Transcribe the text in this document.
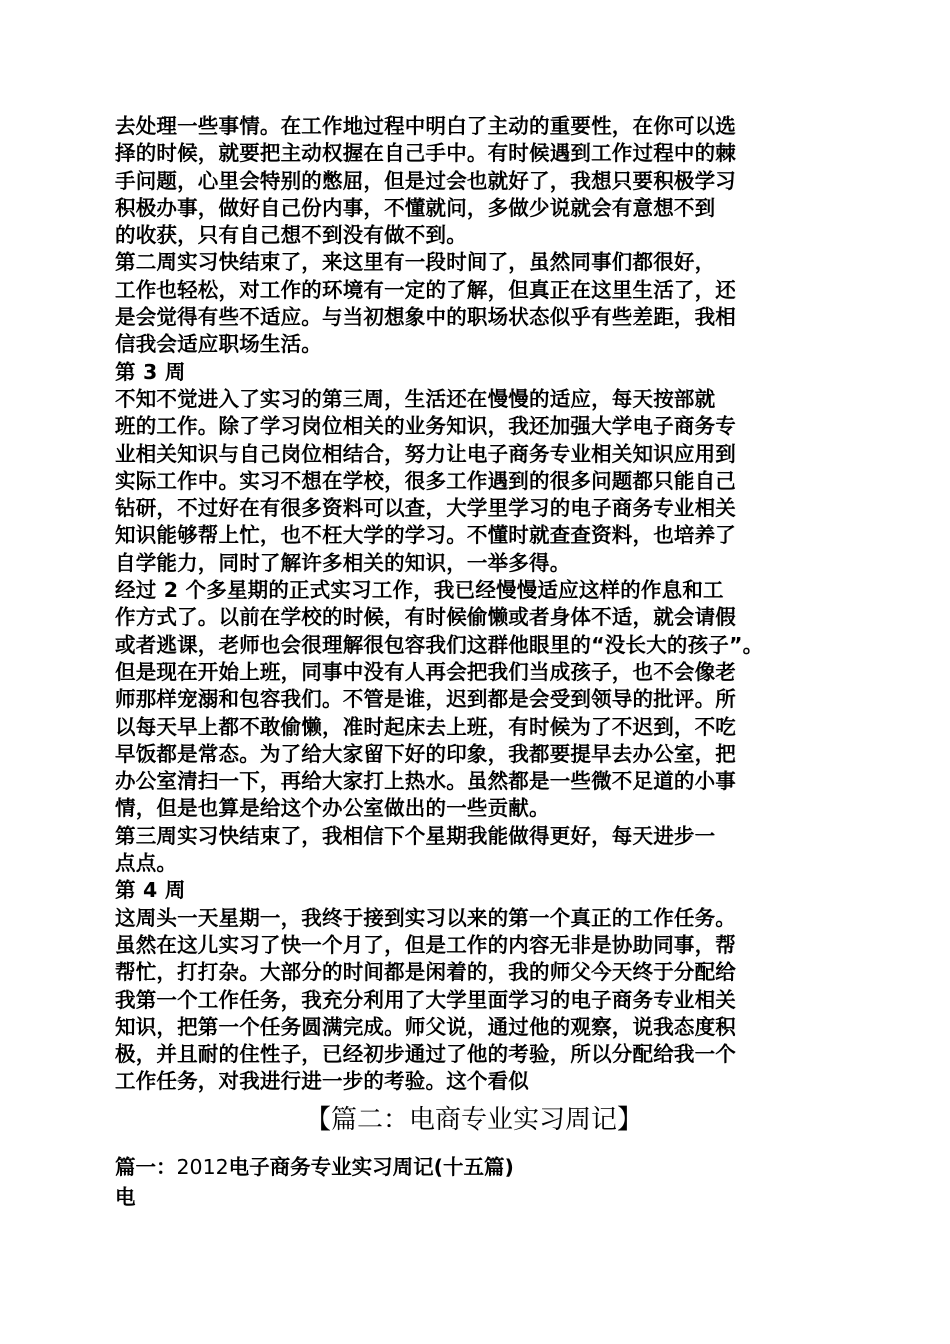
去处理一些事情。在工作地过程中明白了主动的重要性，在你可以选
择的时候，就要把主动权握在自己手中。有时候遇到工作过程中的棘
手问题，心里会特别的憋屈，但是过会也就好了，我想只要积极学习
积极办事，做好自己份内事，不懂就问，多做少说就会有意想不到
的收获，只有自己想不到没有做不到。
第二周实习快结束了，来这里有一段时间了，虽然同事们都很好，
工作也轻松，对工作的环境有一定的了解，但真正在这里生活了，还
是会觉得有些不适应。与当初想象中的职场状态似乎有些差距，我相
信我会适应职场生活。
第 3 周
不知不觉进入了实习的第三周，生活还在慢慢的适应，每天按部就
班的工作。除了学习岗位相关的业务知识，我还加强大学电子商务专
业相关知识与自己岗位相结合，努力让电子商务专业相关知识应用到
实际工作中。实习不想在学校，很多工作遇到的很多问题都只能自己
钻研，不过好在有很多资料可以查，大学里学习的电子商务专业相关
知识能够帮上忙，也不枉大学的学习。不懂时就查查资料，也培养了
自学能力，同时了解许多相关的知识，一举多得。
经过 2 个多星期的正式实习工作，我已经慢慢适应这样的作息和工
作方式了。以前在学校的时候，有时候偷懒或者身体不适，就会请假
或者逃课，老师也会很理解很包容我们这群他眼里的“没长大的孩子”。
但是现在开始上班，同事中没有人再会把我们当成孩子，也不会像老
师那样宠溺和包容我们。不管是谁，迟到都是会受到领导的批评。所
以每天早上都不敢偷懒，准时起床去上班，有时候为了不迟到，不吃
早饭都是常态。为了给大家留下好的印象，我都要提早去办公室，把
办公室清扫一下，再给大家打上热水。虽然都是一些微不足道的小事
情，但是也算是给这个办公室做出的一些贡献。
第三周实习快结束了，我相信下个星期我能做得更好，每天进步一
点点。
第 4 周
这周头一天星期一，我终于接到实习以来的第一个真正的工作任务。
虽然在这儿实习了快一个月了，但是工作的内容无非是协助同事，帮
帮忙，打打杂。大部分的时间都是闲着的，我的师父今天终于分配给
我第一个工作任务，我充分利用了大学里面学习的电子商务专业相关
知识，把第一个任务圆满完成。师父说，通过他的观察，说我态度积
极，并且耐的住性子，已经初步通过了他的考验，所以分配给我一个
工作任务，对我进行进一步的考验。这个看似
【篇二：电商专业实习周记】
篇一：2012电子商务专业实习周记(十五篇)
电
